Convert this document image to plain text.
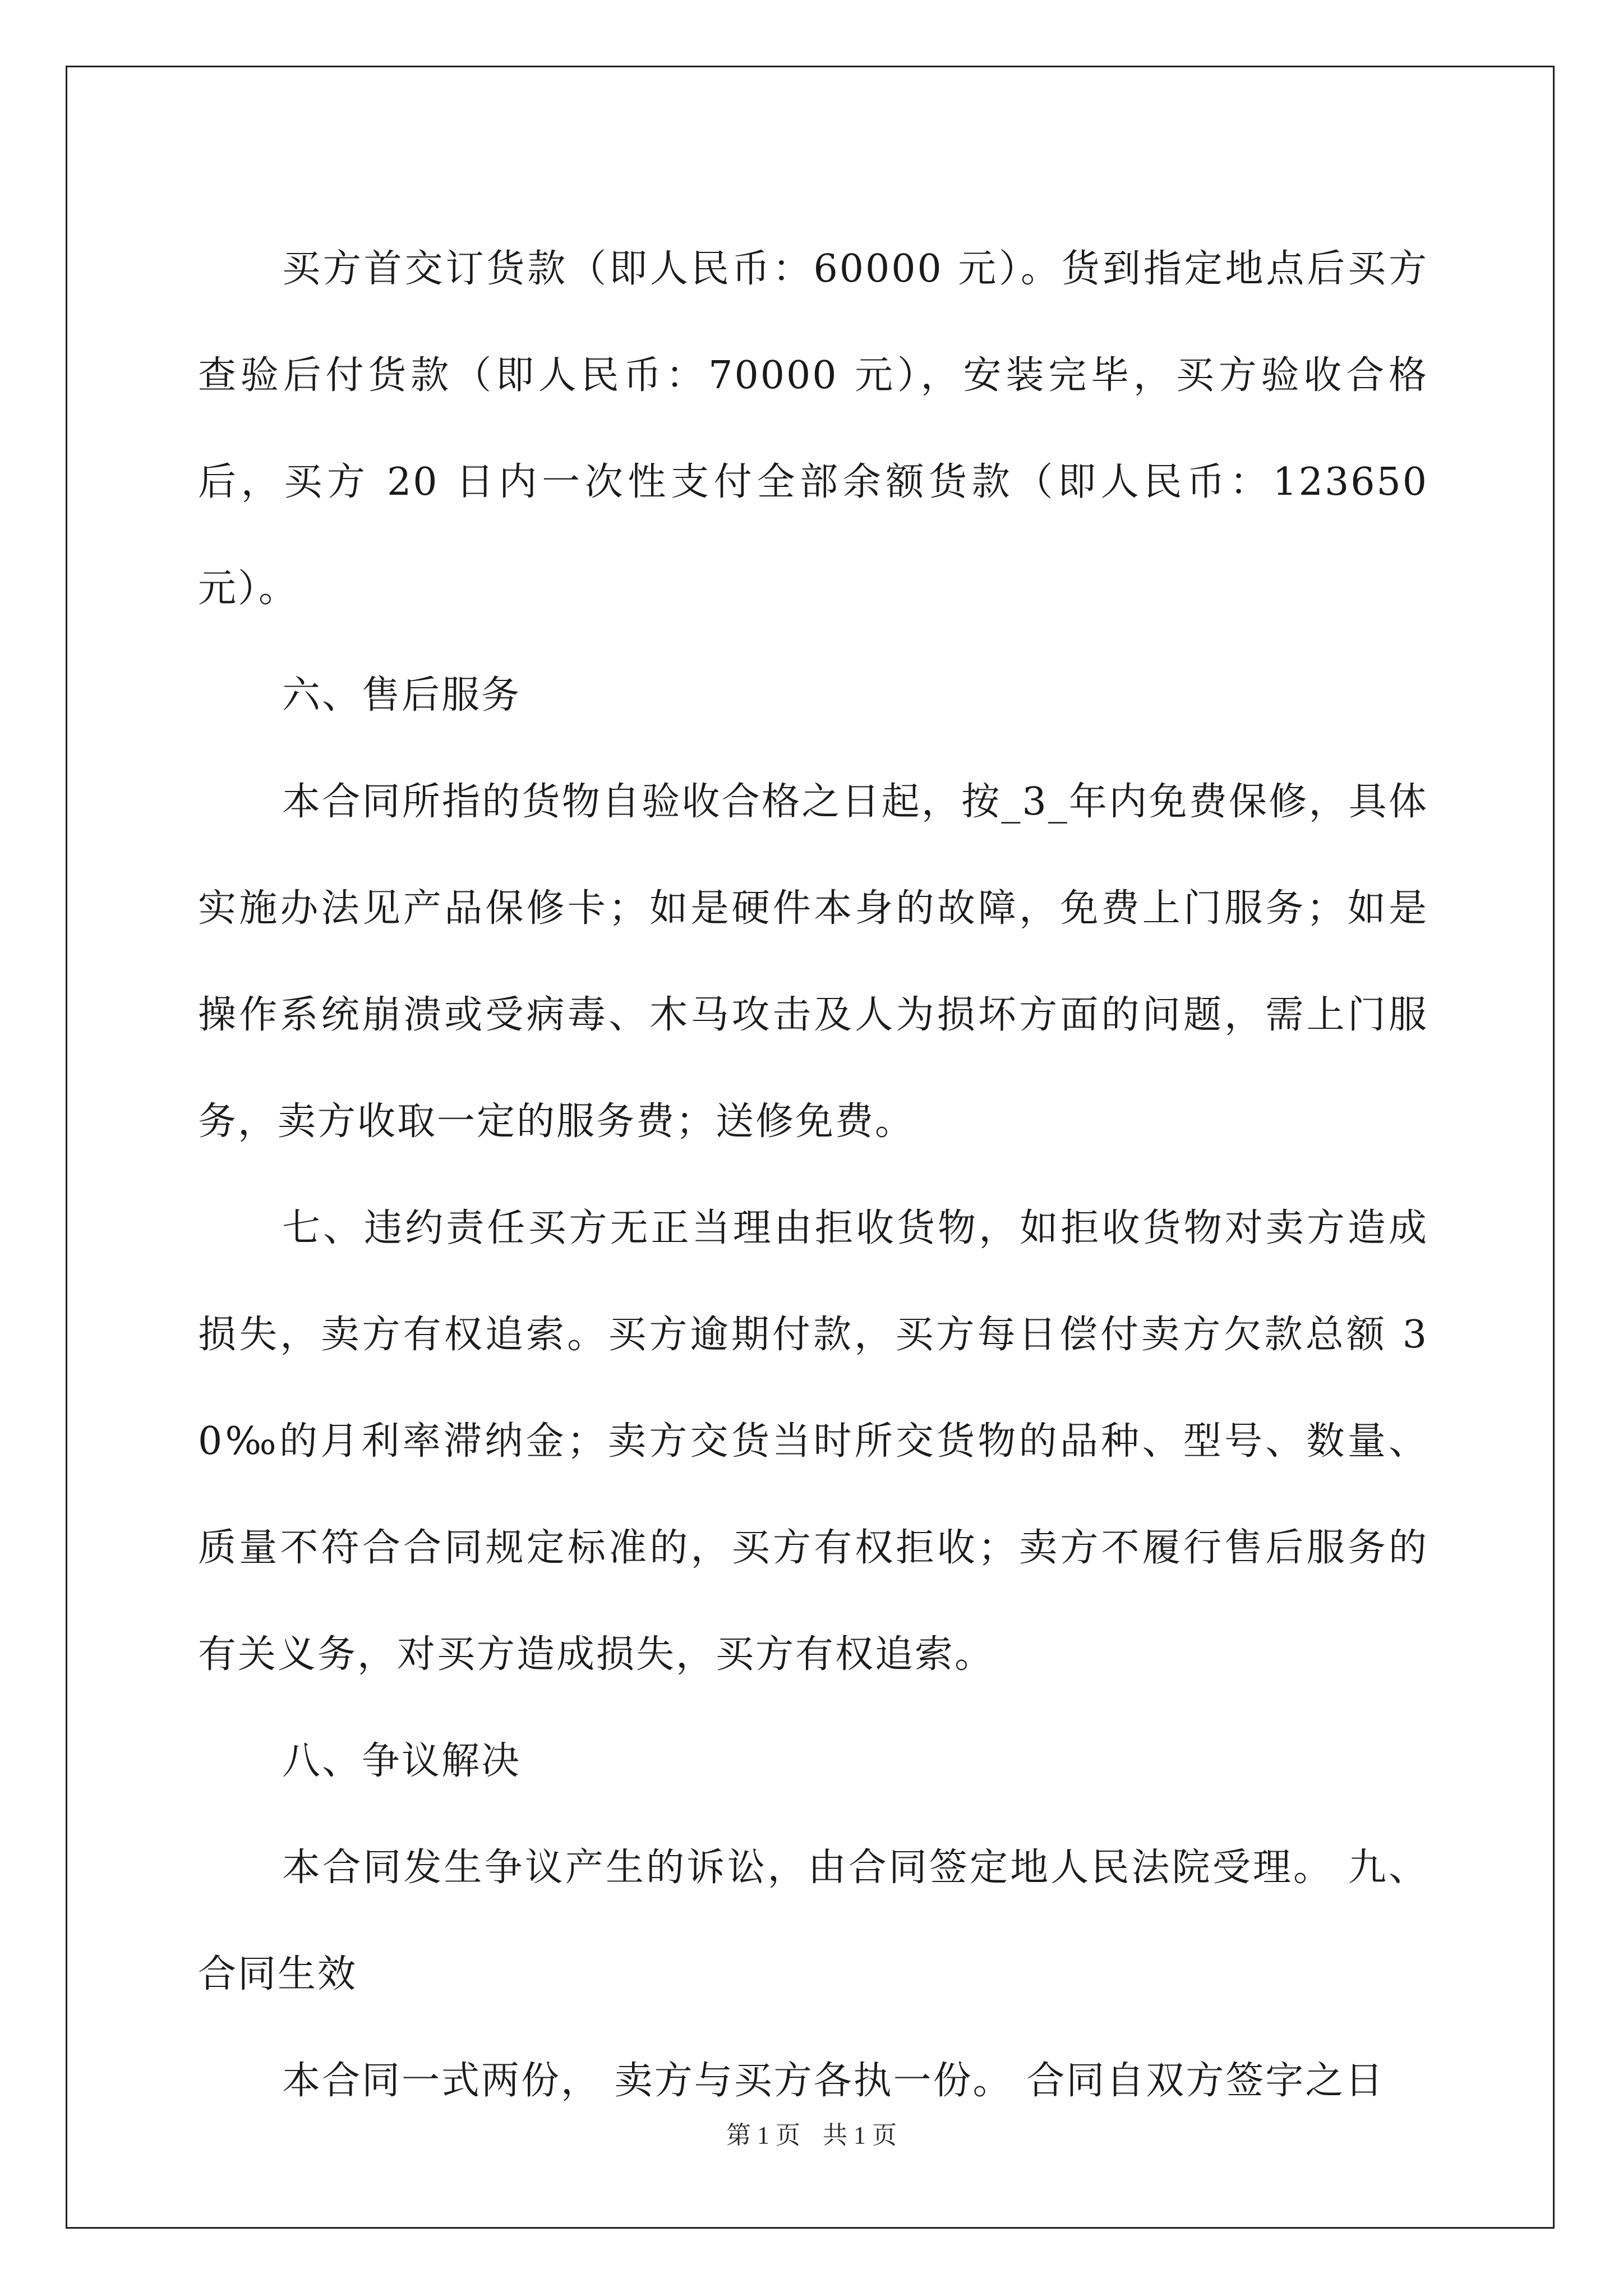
买方首交订货款（即人民币：60000 元）。货到指定地点后买方查验后付货款（即人民币：70000 元），安装完毕，买方验收合格后，买方 20 日内一次性支付全部余额货款（即人民币：123650 元）。

六、售后服务

本合同所指的货物自验收合格之日起，按_3_年内免费保修，具体实施办法见产品保修卡；如是硬件本身的故障，免费上门服务；如是操作系统崩溃或受病毒、木马攻击及人为损坏方面的问题，需上门服务，卖方收取一定的服务费；送修免费。

七、违约责任买方无正当理由拒收货物，如拒收货物对卖方造成损失，卖方有权追索。买方逾期付款，买方每日偿付卖方欠款总额 30‰的月利率滞纳金；卖方交货当时所交货物的品种、型号、数量、质量不符合合同规定标准的，买方有权拒收；卖方不履行售后服务的有关义务，对买方造成损失，买方有权追索。

八、争议解决

本合同发生争议产生的诉讼，由合同签定地人民法院受理。 九、合同生效

本合同一式两份， 卖方与买方各执一份。 合同自双方签字之日

第 1 页 共 1 页
